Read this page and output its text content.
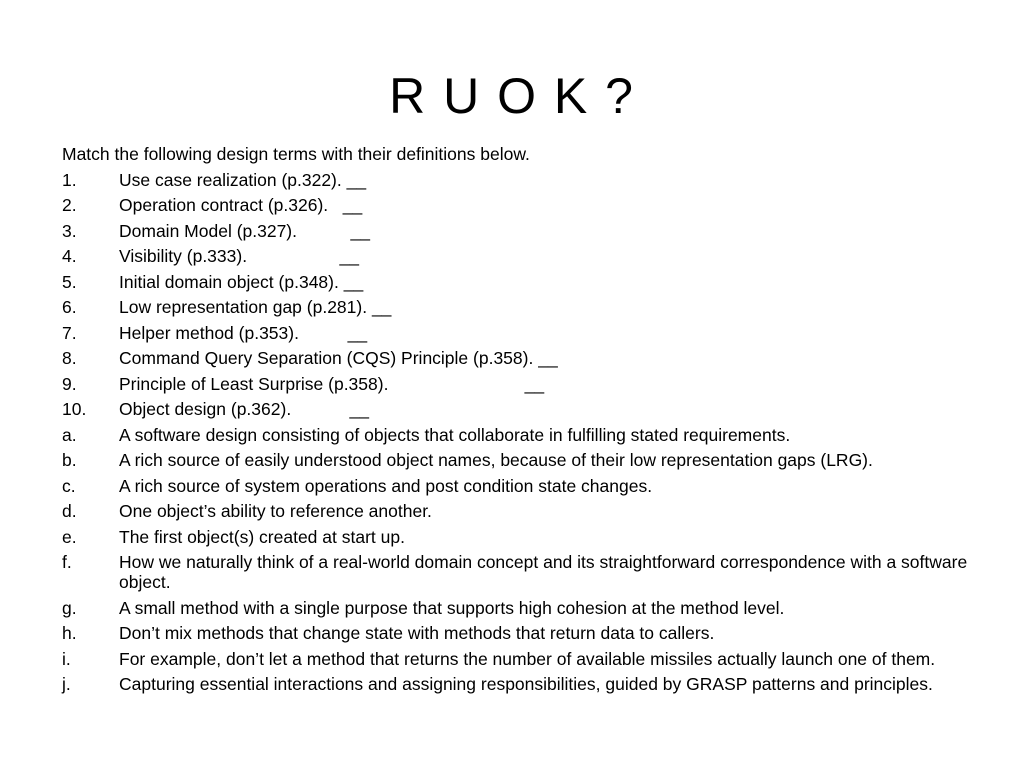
R U O K ?
Match the following design terms with their definitions below.
1.	Use case realization (p.322). __
2.	Operation contract (p.326). __
3.	Domain Model (p.327).	__
4.	Visibility (p.333).	__
5.	Initial domain object (p.348). __
6.	Low representation gap (p.281). __
7.	Helper method (p.353).	__
8.	Command Query Separation (CQS) Principle (p.358). __
9.	Principle of Least Surprise (p.358).	__
10.	Object design (p.362).	__
a.	A software design consisting of objects that collaborate in fulfilling stated requirements.
b.	A rich source of easily understood object names, because of their low representation gaps (LRG).
c.	A rich source of system operations and post condition state changes.
d.	One object’s ability to reference another.
e.	The first object(s) created at start up.
f.	How we naturally think of a real-world domain concept and its straightforward correspondence with a software object.
g.	A small method with a single purpose that supports high cohesion at the method level.
h.	Don’t mix methods that change state with methods that return data to callers.
i.	For example, don’t let a method that returns the number of available missiles actually launch one of them.
j.	Capturing essential interactions and assigning responsibilities, guided by GRASP patterns and principles.
